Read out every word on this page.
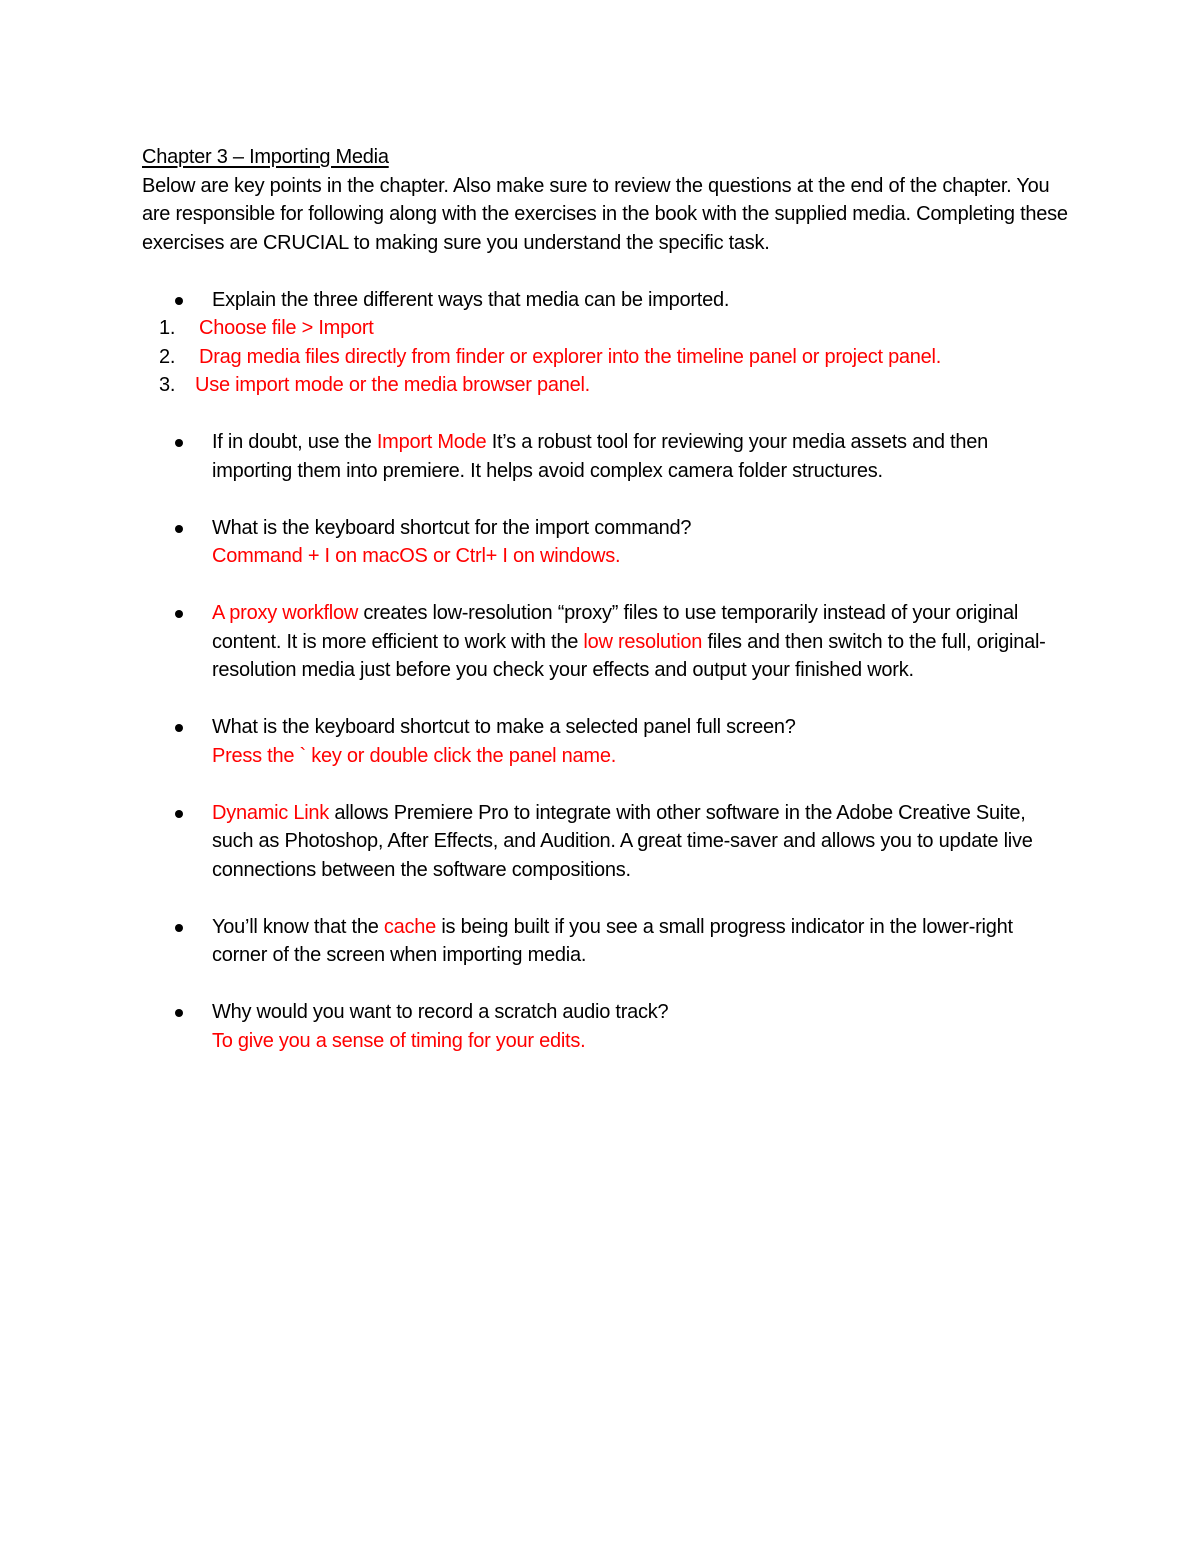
Chapter 3 – Importing Media

Below are key points in the chapter. Also make sure to review the questions at the end of the chapter. You are responsible for following along with the exercises in the book with the supplied media. Completing these exercises are CRUCIAL to making sure you understand the specific task.

Explain the three different ways that media can be imported.

1.	Choose file > Import

2.	Drag media files directly from finder or explorer into the timeline panel or project panel.

3. Use import mode or the media browser panel.

If in doubt, use the Import Mode It’s a robust tool for reviewing your media assets and then importing them into premiere. It helps avoid complex camera folder structures.

What is the keyboard shortcut for the import command?
Command + I on macOS or Ctrl+ I on windows.

A proxy workflow creates low-resolution “proxy” files to use temporarily instead of your original content. It is more efficient to work with the low resolution files and then switch to the full, original-resolution media just before you check your effects and output your finished work.

What is the keyboard shortcut to make a selected panel full screen?
Press the ` key or double click the panel name.

Dynamic Link allows Premiere Pro to integrate with other software in the Adobe Creative Suite, such as Photoshop, After Effects, and Audition. A great time-saver and allows you to update live connections between the software compositions.

You’ll know that the cache is being built if you see a small progress indicator in the lower-right corner of the screen when importing media.

Why would you want to record a scratch audio track?
To give you a sense of timing for your edits.
